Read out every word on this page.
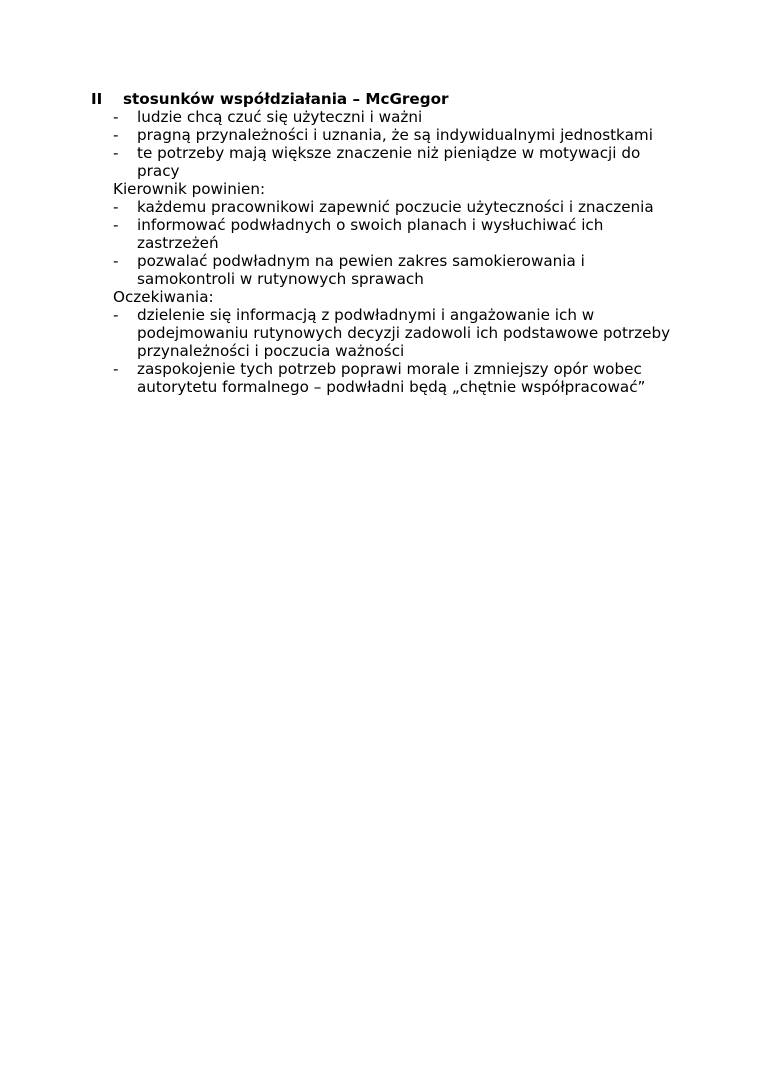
II	stosunków współdziałania – McGregor
-	ludzie chcą czuć się użyteczni i ważni
-	pragną przynależności i uznania, że są indywidualnymi jednostkami
-	te potrzeby mają większe znaczenie niż pieniądze w motywacji do pracy
Kierownik powinien:
-	każdemu pracownikowi zapewnić poczucie użyteczności i znaczenia
-	informować podwładnych o swoich planach i wysłuchiwać ich zastrzeżeń
-	pozwalać podwładnym na pewien zakres samokierowania i samokontroli w rutynowych sprawach
Oczekiwania:
-	dzielenie się informacją z podwładnymi i angażowanie ich w podejmowaniu rutynowych decyzji zadowoli ich podstawowe potrzeby przynależności i poczucia ważności
-	zaspokojenie tych potrzeb poprawi morale i zmniejszy opór wobec autorytetu formalnego – podwładni będą „chętnie współpracować”
